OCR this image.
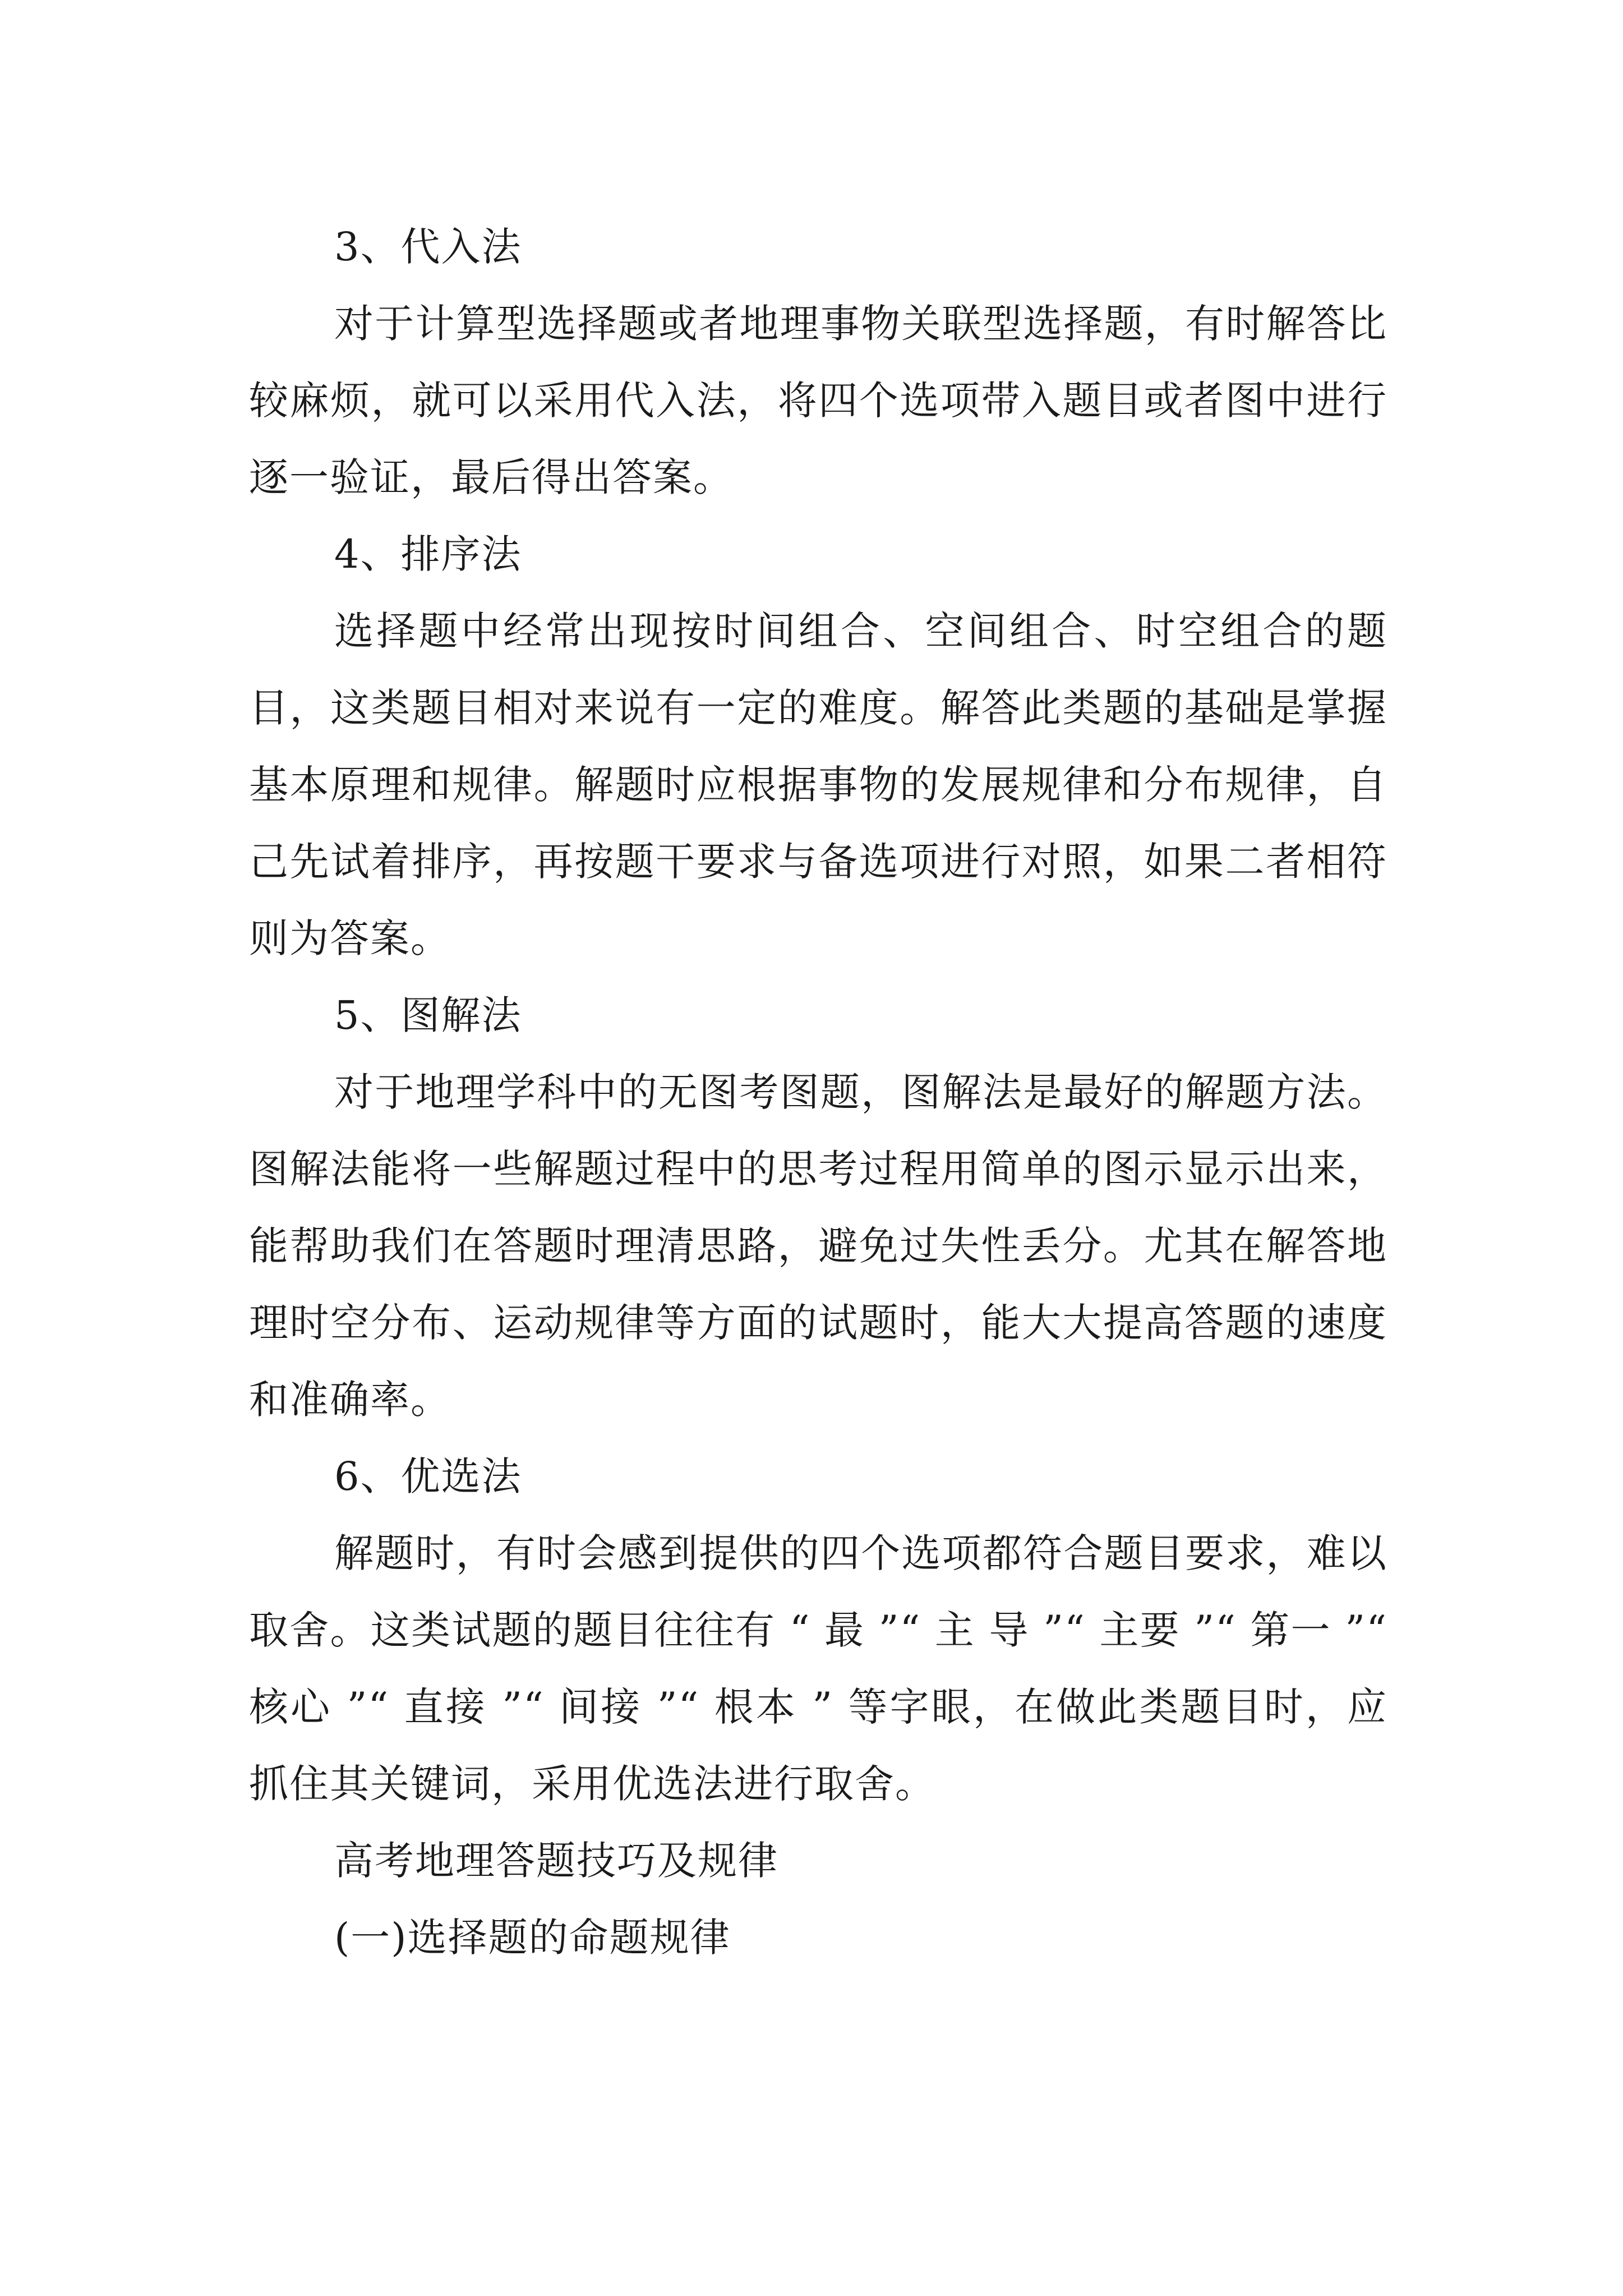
3、代入法

对于计算型选择题或者地理事物关联型选择题，有时解答比较麻烦，就可以采用代入法，将四个选项带入题目或者图中进行逐一验证，最后得出答案。

4、排序法

选择题中经常出现按时间组合、空间组合、时空组合的题目，这类题目相对来说有一定的难度。解答此类题的基础是掌握基本原理和规律。解题时应根据事物的发展规律和分布规律，自己先试着排序，再按题干要求与备选项进行对照，如果二者相符则为答案。

5、图解法

对于地理学科中的无图考图题，图解法是最好的解题方法。图解法能将一些解题过程中的思考过程用简单的图示显示出来，能帮助我们在答题时理清思路，避免过失性丢分。尤其在解答地理时空分布、运动规律等方面的试题时，能大大提高答题的速度和准确率。

6、优选法

解题时，有时会感到提供的四个选项都符合题目要求，难以取舍。这类试题的题目往往有 “ 最 ”“ 主 导 ”“ 主要 ”“ 第一 ”“ 核心 ”“ 直接 ”“ 间接 ”“ 根本 ” 等字眼，在做此类题目时，应抓住其关键词，采用优选法进行取舍。

高考地理答题技巧及规律

(一)选择题的命题规律
